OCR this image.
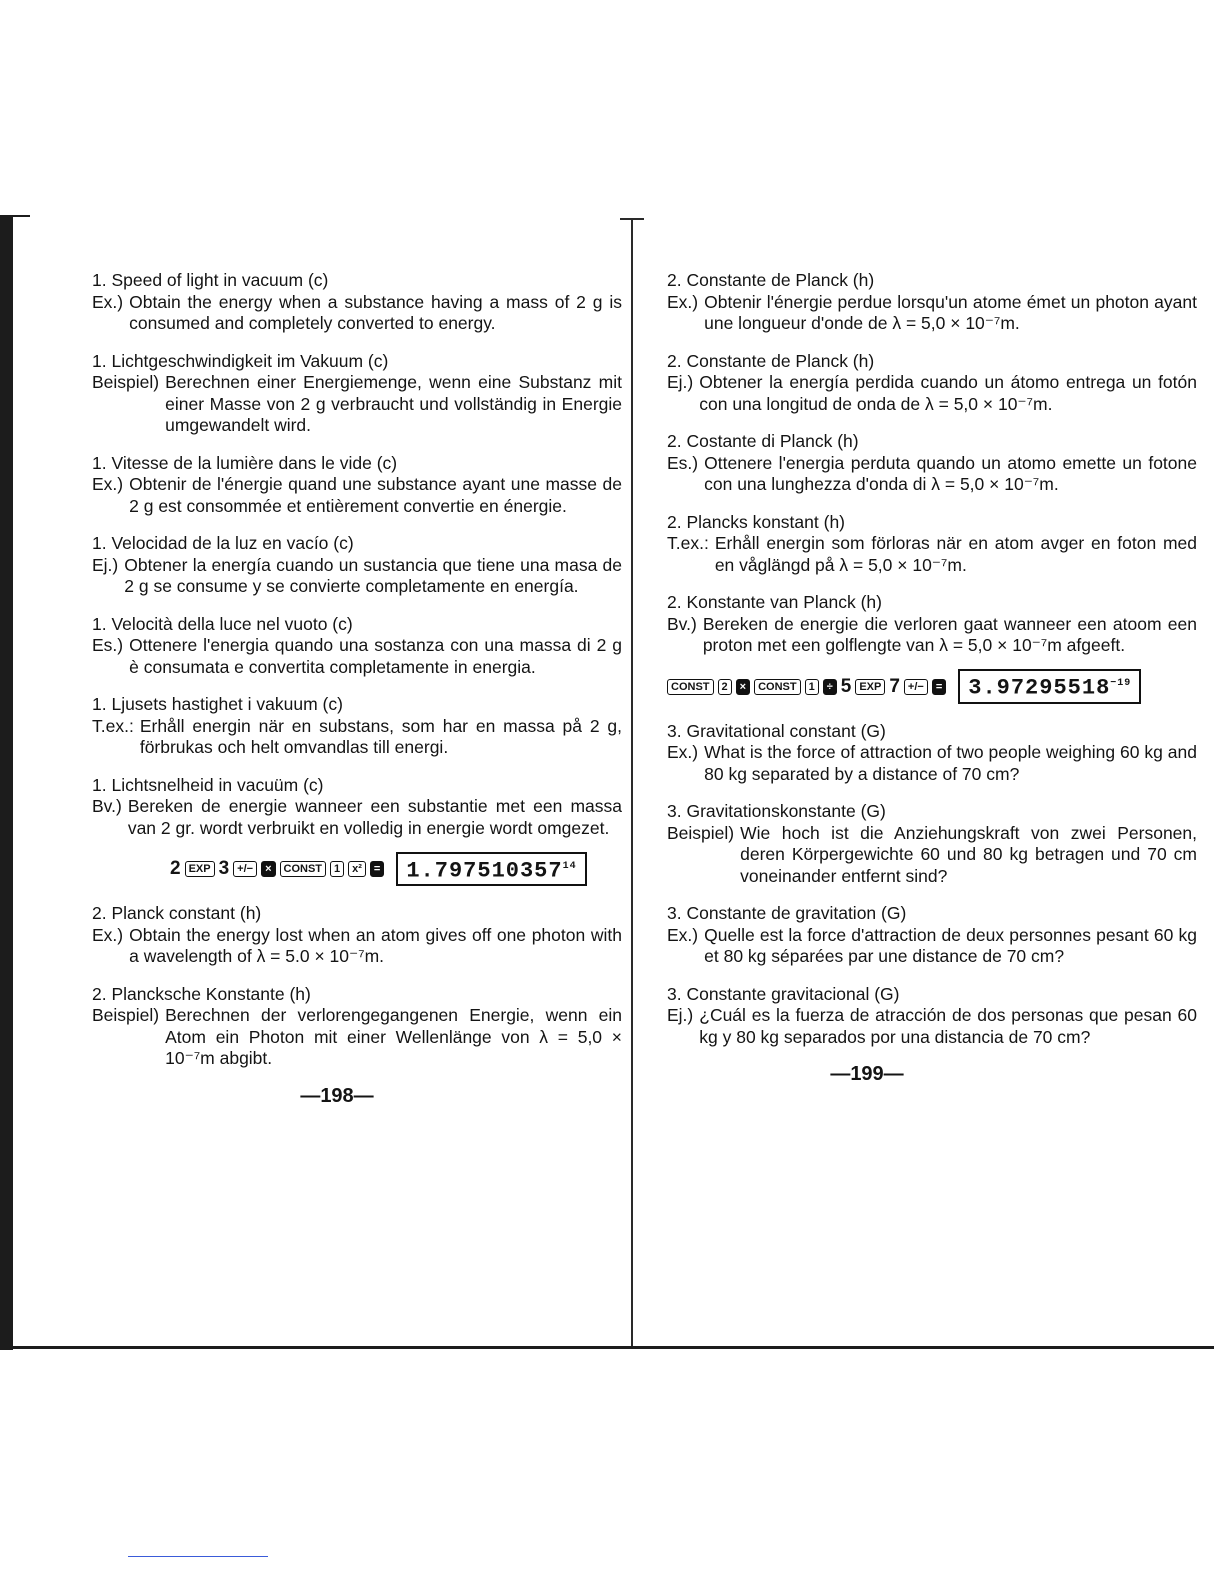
1. Speed of light in vacuum (c)
Ex.) Obtain the energy when a substance having a mass of 2 g is consumed and completely converted to energy.
1. Lichtgeschwindigkeit im Vakuum (c)
Beispiel) Berechnen einer Energiemenge, wenn eine Substanz mit einer Masse von 2 g verbraucht und vollständig in Energie umgewandelt wird.
1. Vitesse de la lumière dans le vide (c)
Ex.) Obtenir de l'énergie quand une substance ayant une masse de 2 g est consommée et entièrement convertie en énergie.
1. Velocidad de la luz en vacío (c)
Ej.) Obtener la energía cuando un sustancia que tiene una masa de 2 g se consume y se convierte completamente en energía.
1. Velocità della luce nel vuoto (c)
Es.) Ottenere l'energia quando una sostanza con una massa di 2 g è consumata e convertita completamente in energia.
1. Ljusets hastighet i vakuum (c)
T.ex.: Erhåll energin när en substans, som har en massa på 2 g, förbrukas och helt omvandlas till energi.
1. Lichtsnelheid in vacuüm (c)
Bv.) Bereken de energie wanneer een substantie met een massa van 2 gr. wordt verbruikt en volledig in energie wordt omgezet.
2 EXP 3 +/−	×	CONST	1	x²	=	$1.797510357^{14}$
2. Planck constant (h)
Ex.) Obtain the energy lost when an atom gives off one photon with a wavelength of λ = 5.0 × 10⁻⁷m.
2. Plancksche Konstante (h)
Beispiel) Berechnen der verlorengegangenen Energie, wenn ein Atom ein Photon mit einer Wellenlänge von λ = 5,0 × 10⁻⁷m abgibt.
—198—
2. Constante de Planck (h)
Ex.) Obtenir l'énergie perdue lorsqu'un atome émet un photon ayant une longueur d'onde de λ = 5,0 × 10⁻⁷m.
2. Constante de Planck (h)
Ej.) Obtener la energía perdida cuando un átomo entrega un fotón con una longitud de onda de λ = 5,0 × 10⁻⁷m.
2. Costante di Planck (h)
Es.) Ottenere l'energia perduta quando un atomo emette un fotone con una lunghezza d'onda di λ = 5,0 × 10⁻⁷m.
2. Plancks konstant (h)
T.ex.: Erhåll energin som förloras när en atom avger en foton med en våglängd på λ = 5,0 × 10⁻⁷m.
2. Konstante van Planck (h)
Bv.) Bereken de energie die verloren gaat wanneer een atoom een proton met een golflengte van λ = 5,0 × 10⁻⁷m afgeeft.
CONST	2	×	CONST	1	÷ 5 EXP 7 +/−	=	$3.97295518^{-19}$
3. Gravitational constant (G)
Ex.) What is the force of attraction of two people weighing 60 kg and 80 kg separated by a distance of 70 cm?
3. Gravitationskonstante (G)
Beispiel) Wie hoch ist die Anziehungskraft von zwei Personen, deren Körpergewichte 60 und 80 kg betragen und 70 cm voneinander entfernt sind?
3. Constante de gravitation (G)
Ex.) Quelle est la force d'attraction de deux personnes pesant 60 kg et 80 kg séparées par une distance de 70 cm?
3. Constante gravitacional (G)
Ej.) ¿Cuál es la fuerza de atracción de dos personas que pesan 60 kg y 80 kg separados por una distancia de 70 cm?
—199—
